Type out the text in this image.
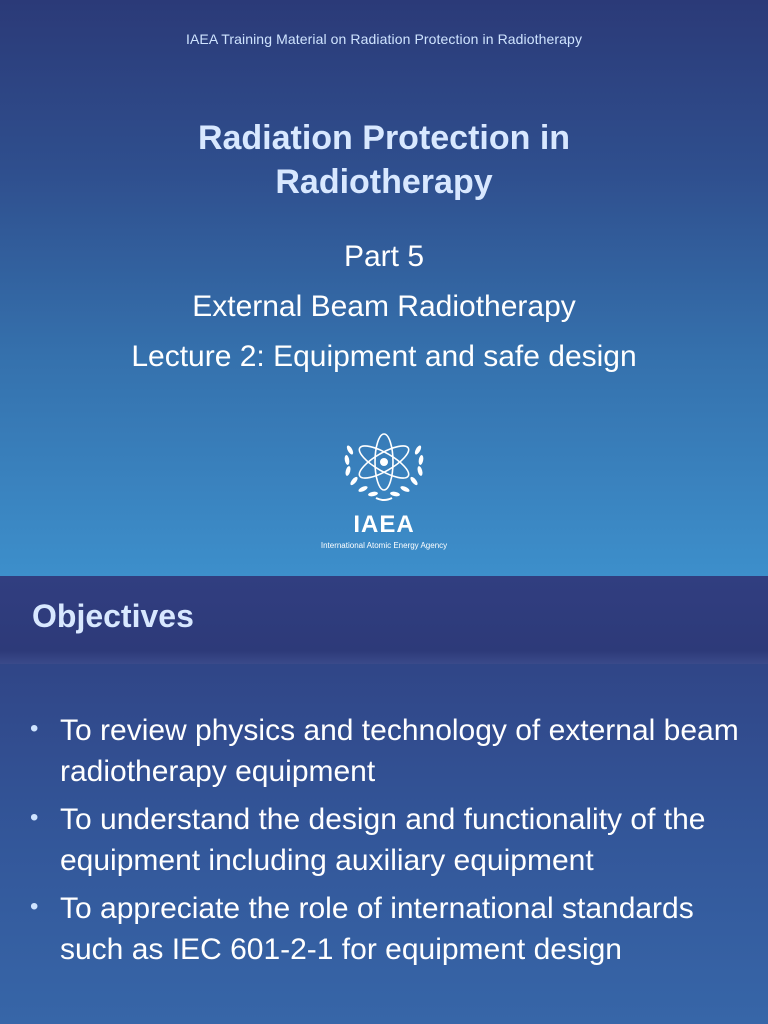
IAEA Training Material on Radiation Protection in Radiotherapy
Radiation Protection in
Radiotherapy
Part 5
External Beam Radiotherapy
Lecture 2: Equipment and safe design
IAEA
International Atomic Energy Agency
Objectives
• To review physics and technology of external beam radiotherapy equipment
• To understand the design and functionality of the equipment including auxiliary equipment
• To appreciate the role of international standards such as IEC 601-2-1 for equipment design
